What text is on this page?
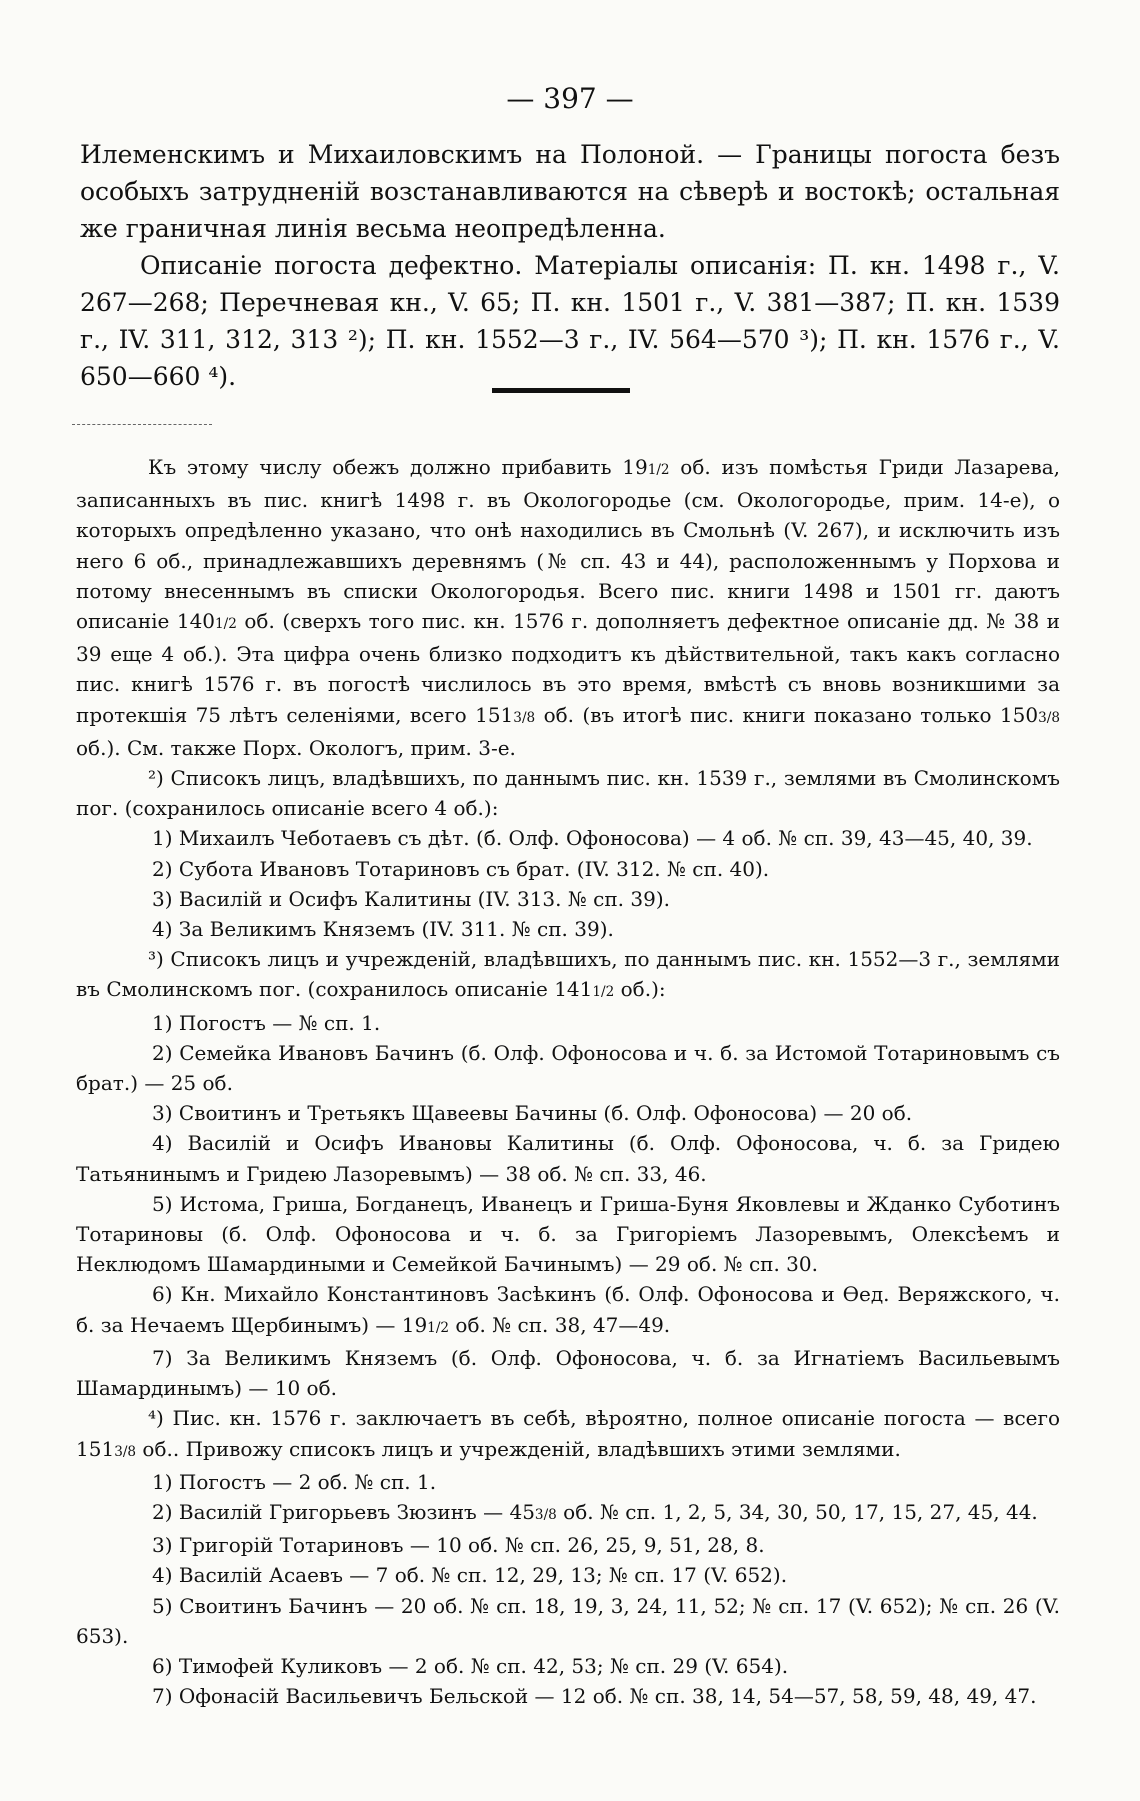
— 397 —

Илеменскимъ и Михаиловскимъ на Полоной. — Границы погоста безъ особыхъ затрудненій возстанавливаются на сѣверѣ и востокѣ; остальная же граничная линія весьма неопредѣленна.

Описаніе погоста дефектно. Матеріалы описанія: П. кн. 1498 г., V. 267—268; Перечневая кн., V. 65; П. кн. 1501 г., V. 381—387; П. кн. 1539 г., IV. 311, 312, 313 ²); П. кн. 1552—3 г., IV. 564—570 ³); П. кн. 1576 г., V. 650—660 ⁴).

Къ этому числу обежъ должно прибавить 191/2 об. изъ помѣстья Гриди Лазарева, записанныхъ въ пис. книгѣ 1498 г. въ Окологородье (см. Окологородье, прим. 14-е), о которыхъ опредѣленно указано, что онѣ находились въ Смольнѣ (V. 267), и исключить изъ него 6 об., принадлежавшихъ деревнямъ (№ сп. 43 и 44), расположеннымъ у Порхова и потому внесеннымъ въ списки Окологородья. Всего пис. книги 1498 и 1501 гг. даютъ описаніе 1401/2 об. (сверхъ того пис. кн. 1576 г. дополняетъ дефектное описаніе дд. № 38 и 39 еще 4 об.). Эта цифра очень близко подходитъ къ дѣйствительной, такъ какъ согласно пис. книгѣ 1576 г. въ погостѣ числилось въ это время, вмѣстѣ съ вновь возникшими за протекшія 75 лѣтъ селеніями, всего 1513/8 об. (въ итогѣ пис. книги показано только 1503/8 об.). См. также Порх. Окологъ, прим. 3-е.

²) Списокъ лицъ, владѣвшихъ, по даннымъ пис. кн. 1539 г., землями въ Смолинскомъ пог. (сохранилось описаніе всего 4 об.):

1) Михаилъ Чеботаевъ съ дѣт. (б. Олф. Офоносова) — 4 об. № сп. 39, 43—45, 40, 39.

2) Субота Ивановъ Тотариновъ съ брат. (IV. 312. № сп. 40).

3) Василій и Осифъ Калитины (IV. 313. № сп. 39).

4) За Великимъ Княземъ (IV. 311. № сп. 39).

³) Списокъ лицъ и учрежденій, владѣвшихъ, по даннымъ пис. кн. 1552—3 г., землями въ Смолинскомъ пог. (сохранилось описаніе 1411/2 об.):

1) Погостъ — № сп. 1.

2) Семейка Ивановъ Бачинъ (б. Олф. Офоносова и ч. б. за Истомой Тотариновымъ съ брат.) — 25 об.

3) Своитинъ и Третьякъ Щавеевы Бачины (б. Олф. Офоносова) — 20 об.

4) Василій и Осифъ Ивановы Калитины (б. Олф. Офоносова, ч. б. за Гридею Татьянинымъ и Гридею Лазоревымъ) — 38 об. № сп. 33, 46.

5) Истома, Гриша, Богданецъ, Иванецъ и Гриша-Буня Яковлевы и Жданко Суботинъ Тотариновы (б. Олф. Офоносова и ч. б. за Григоріемъ Лазоревымъ, Олексѣемъ и Неклюдомъ Шамардиными и Семейкой Бачинымъ) — 29 об. № сп. 30.

6) Кн. Михайло Константиновъ Засѣкинъ (б. Олф. Офоносова и Ѳед. Веряжского, ч. б. за Нечаемъ Щербинымъ) — 191/2 об. № сп. 38, 47—49.

7) За Великимъ Княземъ (б. Олф. Офоносова, ч. б. за Игнатіемъ Васильевымъ Шамардинымъ) — 10 об.

⁴) Пис. кн. 1576 г. заключаетъ въ себѣ, вѣроятно, полное описаніе погоста — всего 1513/8 об.. Привожу списокъ лицъ и учрежденій, владѣвшихъ этими землями.

1) Погостъ — 2 об. № сп. 1.

2) Василій Григорьевъ Зюзинъ — 453/8 об. № сп. 1, 2, 5, 34, 30, 50, 17, 15, 27, 45, 44.

3) Григорій Тотариновъ — 10 об. № сп. 26, 25, 9, 51, 28, 8.

4) Василій Асаевъ — 7 об. № сп. 12, 29, 13; № сп. 17 (V. 652).

5) Своитинъ Бачинъ — 20 об. № сп. 18, 19, 3, 24, 11, 52; № сп. 17 (V. 652); № сп. 26 (V. 653).

6) Тимофей Куликовъ — 2 об. № сп. 42, 53; № сп. 29 (V. 654).

7) Офонасій Васильевичъ Бельской — 12 об. № сп. 38, 14, 54—57, 58, 59, 48, 49, 47.
